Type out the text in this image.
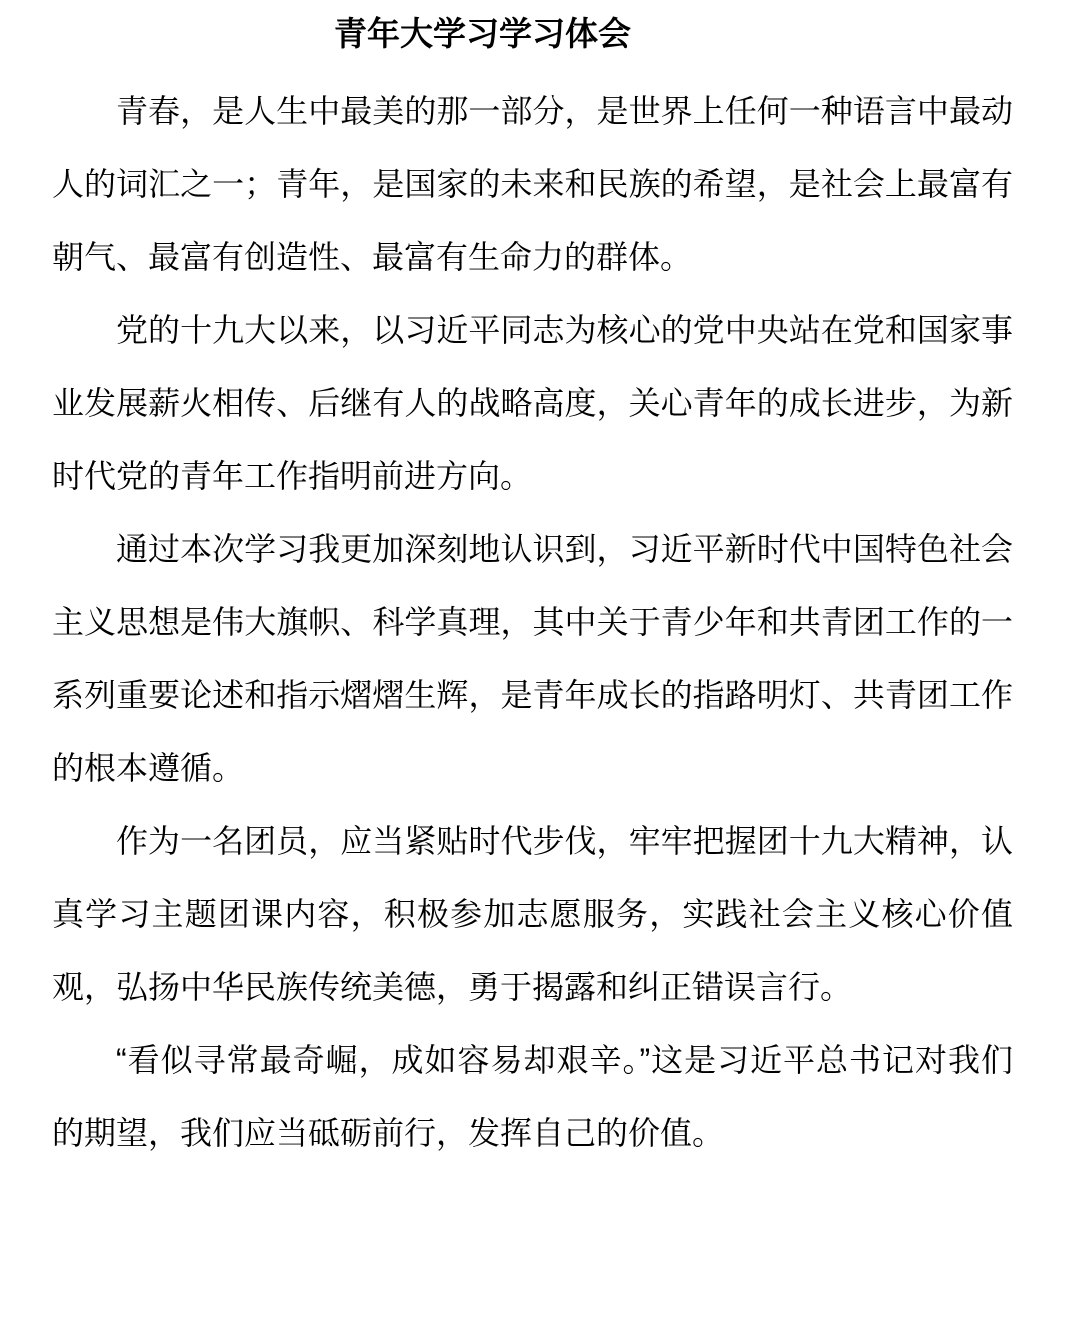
青年大学习学习体会

青春，是人生中最美的那一部分，是世界上任何一种语言中最动人的词汇之一；青年，是国家的未来和民族的希望，是社会上最富有朝气、最富有创造性、最富有生命力的群体。

党的十九大以来，以习近平同志为核心的党中央站在党和国家事业发展薪火相传、后继有人的战略高度，关心青年的成长进步，为新时代党的青年工作指明前进方向。

通过本次学习我更加深刻地认识到，习近平新时代中国特色社会主义思想是伟大旗帜、科学真理，其中关于青少年和共青团工作的一系列重要论述和指示熠熠生辉，是青年成长的指路明灯、共青团工作的根本遵循。

作为一名团员，应当紧贴时代步伐，牢牢把握团十九大精神，认真学习主题团课内容，积极参加志愿服务，实践社会主义核心价值观，弘扬中华民族传统美德，勇于揭露和纠正错误言行。

“看似寻常最奇崛，成如容易却艰辛。”这是习近平总书记对我们的期望，我们应当砥砺前行，发挥自己的价值。
